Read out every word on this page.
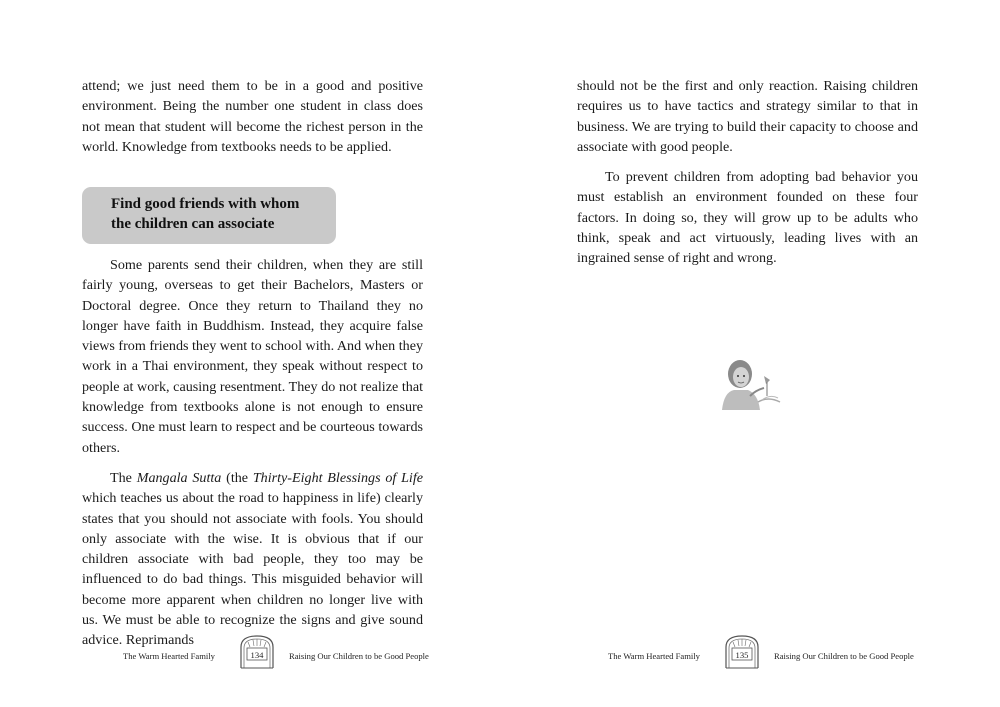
attend; we just need them to be in a good and positive environment. Being the number one student in class does not mean that student will become the richest person in the world. Knowledge from textbooks needs to be applied.

Find good friends with whom
the children can associate

Some parents send their children, when they are still fairly young, overseas to get their Bachelors, Masters or Doctoral degree. Once they return to Thailand they no longer have faith in Buddhism. Instead, they acquire false views from friends they went to school with. And when they work in a Thai environment, they speak without respect to people at work, causing resentment. They do not realize that knowledge from textbooks alone is not enough to ensure success. One must learn to respect and be courteous towards others.

The Mangala Sutta (the Thirty-Eight Blessings of Life which teaches us about the road to happiness in life) clearly states that you should not associate with fools. You should only associate with the wise. It is obvious that if our children associate with bad people, they too may be influenced to do bad things. This misguided behavior will become more apparent when children no longer live with us. We must be able to recognize the signs and give sound advice. Reprimands

The Warm Hearted Family	134	Raising Our Children to be Good People

should not be the first and only reaction. Raising children requires us to have tactics and strategy similar to that in business. We are trying to build their capacity to choose and associate with good people.

To prevent children from adopting bad behavior you must establish an environment founded on these four factors. In doing so, they will grow up to be adults who think, speak and act virtuously, leading lives with an ingrained sense of right and wrong.

The Warm Hearted Family	135	Raising Our Children to be Good People
